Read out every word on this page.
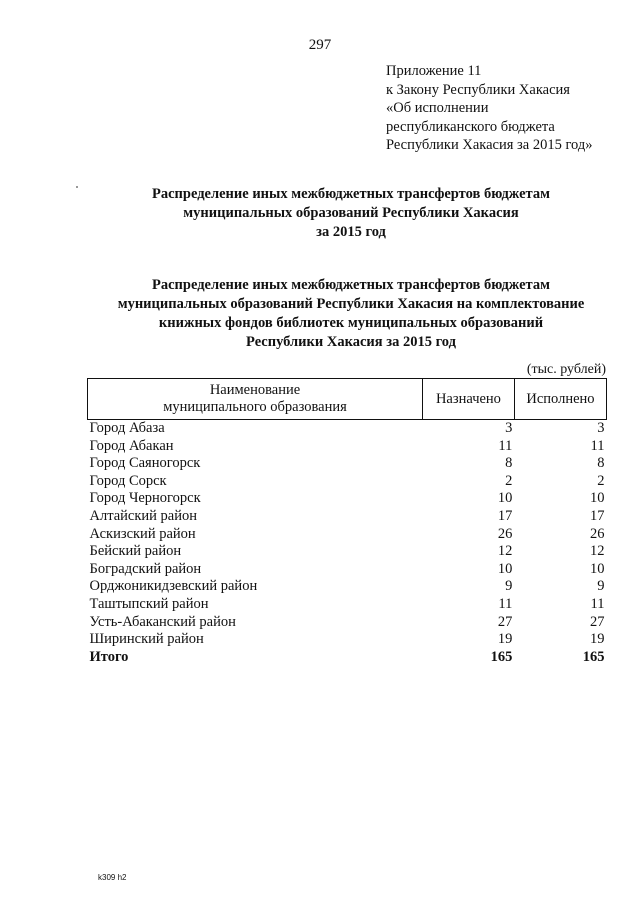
297
Приложение 11
к Закону Республики Хакасия
«Об исполнении
республиканского бюджета
Республики Хакасия за 2015 год»
Распределение иных межбюджетных трансфертов бюджетам
муниципальных образований Республики Хакасия
за 2015 год
Распределение иных межбюджетных трансфертов бюджетам
муниципальных образований Республики Хакасия на комплектование
книжных фондов библиотек муниципальных образований
Республики Хакасия за 2015 год
(тыс. рублей)
Наименование
муниципального образования	Назначено	Исполнено
Город Абаза	3	3
Город Абакан	11	11
Город Саяногорск	8	8
Город Сорск	2	2
Город Черногорск	10	10
Алтайский район	17	17
Аскизский район	26	26
Бейский район	12	12
Боградский район	10	10
Орджоникидзевский район	9	9
Таштыпский район	11	11
Усть-Абаканский район	27	27
Ширинский район	19	19
Итого	165	165
k309 h2
